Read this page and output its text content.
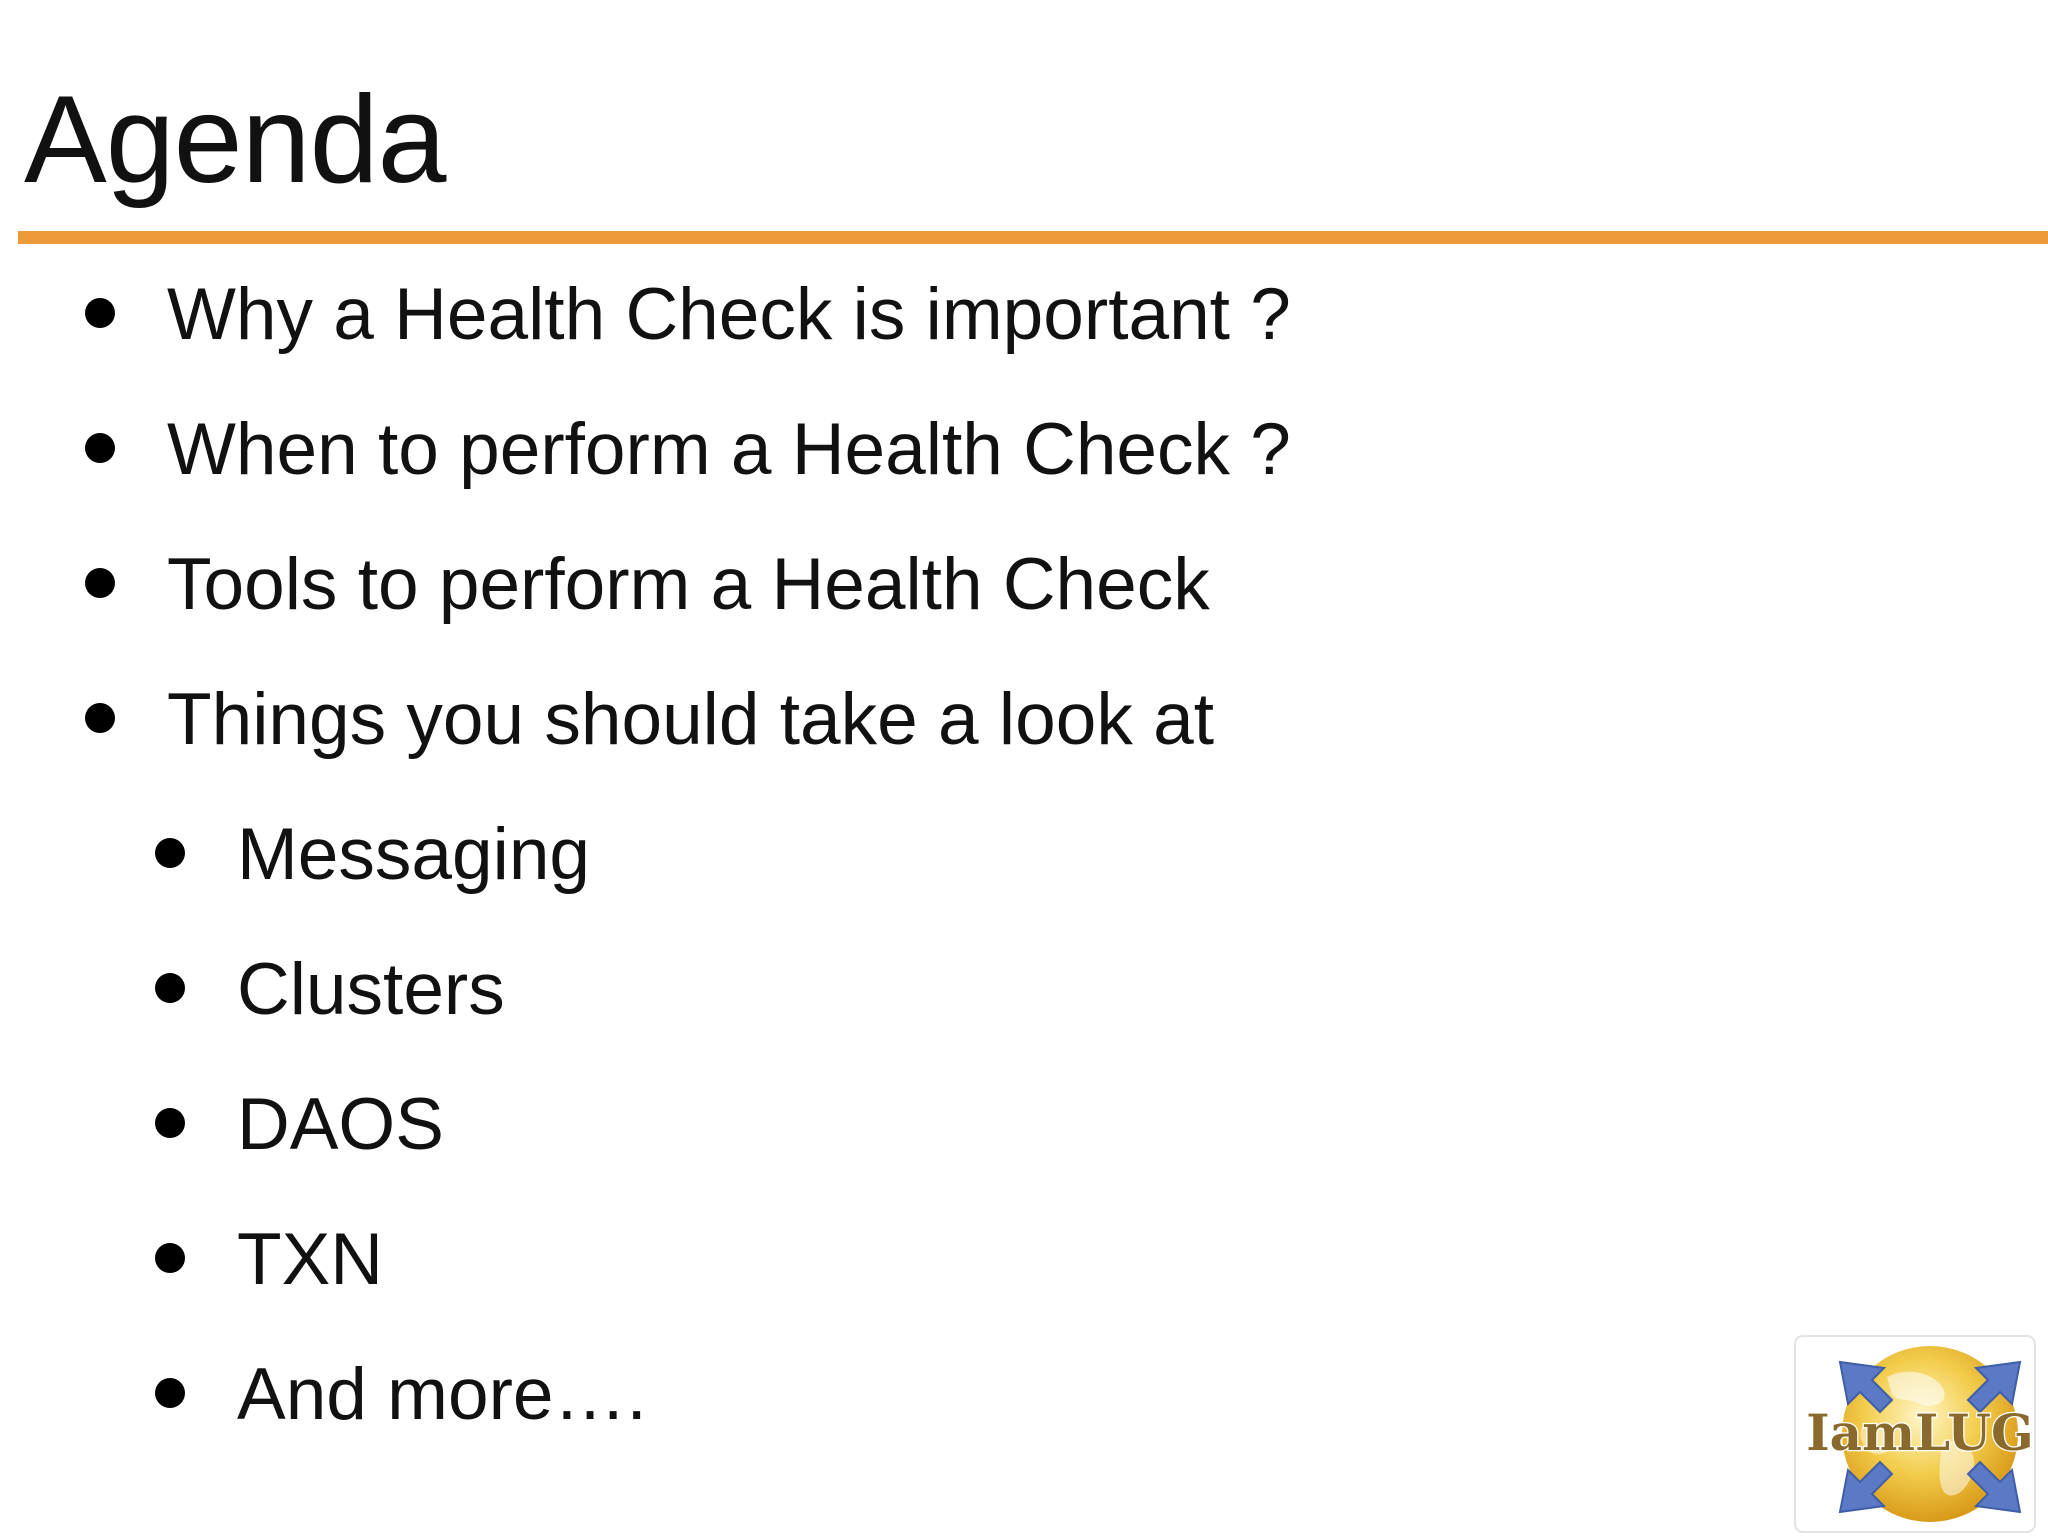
Agenda
Why a Health Check is important ?
When to perform a Health Check ?
Tools to perform a Health Check
Things you should take a look at
Messaging
Clusters
DAOS
TXN
And more….	IamLUG
